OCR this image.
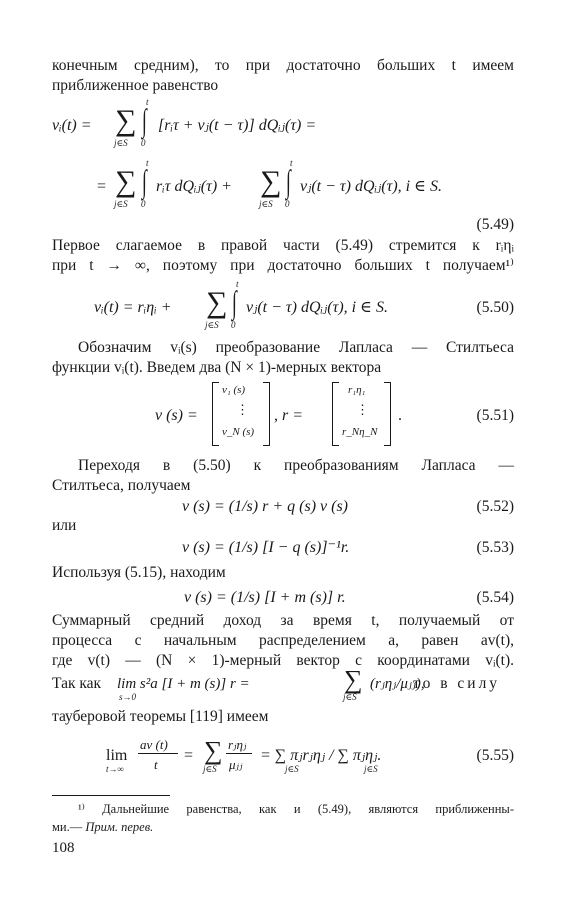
конечным средним), то при достаточно больших t имеем
приближенное равенство
vᵢ(t) = ∑
j∈S
∫ t
0
[rᵢτ + vⱼ(t − τ)] dQᵢⱼ(τ) =
= ∑
j∈S
∫ t
0
rᵢτ dQᵢⱼ(τ) + ∑
j∈S
∫ t
0
vⱼ(t − τ) dQᵢⱼ(τ), i ∈ S.
(5.49)
Первое слагаемое в правой части (5.49) стремится к rᵢηᵢ
при t → ∞, поэтому при достаточно больших t получаем¹⁾
vᵢ(t) = rᵢηᵢ + ∑
j∈S
∫ t
0
vⱼ(t − τ) dQᵢⱼ(τ), i ∈ S.	(5.50)
Обозначим vᵢ(s) преобразование Лапласа — Стилтьеса
функции vᵢ(t). Введем два (N × 1)-мерных вектора
v (s) =
v₁ (s)
⋮
v_N (s)
, r =
r₁η₁
⋮
r_Nη_N
.	(5.51)
Переходя в (5.50) к преобразованиям Лапласа —
Стилтьеса, получаем
v (s) = (1/s) r + q (s) v (s)	(5.52)
или
v (s) = (1/s) [I − q (s)]⁻¹r.	(5.53)
Используя (5.15), находим
v (s) = (1/s) [I + m (s)] r.	(5.54)
Суммарный средний доход за время t, получаемый от
процесса с начальным распределением a, равен av(t),
где v(t) — (N × 1)-мерный вектор с координатами vᵢ(t).
Так как lim s²a [I + m (s)] r =
s→0
∑
j∈S
(rⱼηⱼ/μⱼⱼ),
то в силу
тауберовой теоремы [119] имеем
lim
t→∞
av (t)
t
= ∑
j∈S
rⱼηⱼ
μⱼⱼ
= ∑ πⱼrⱼηⱼ / ∑ πⱼηⱼ.
j∈S	j∈S
(5.55)
¹⁾ Дальнейшие равенства, как и (5.49), являются приближенны-
ми.— Прим. перев.
108
